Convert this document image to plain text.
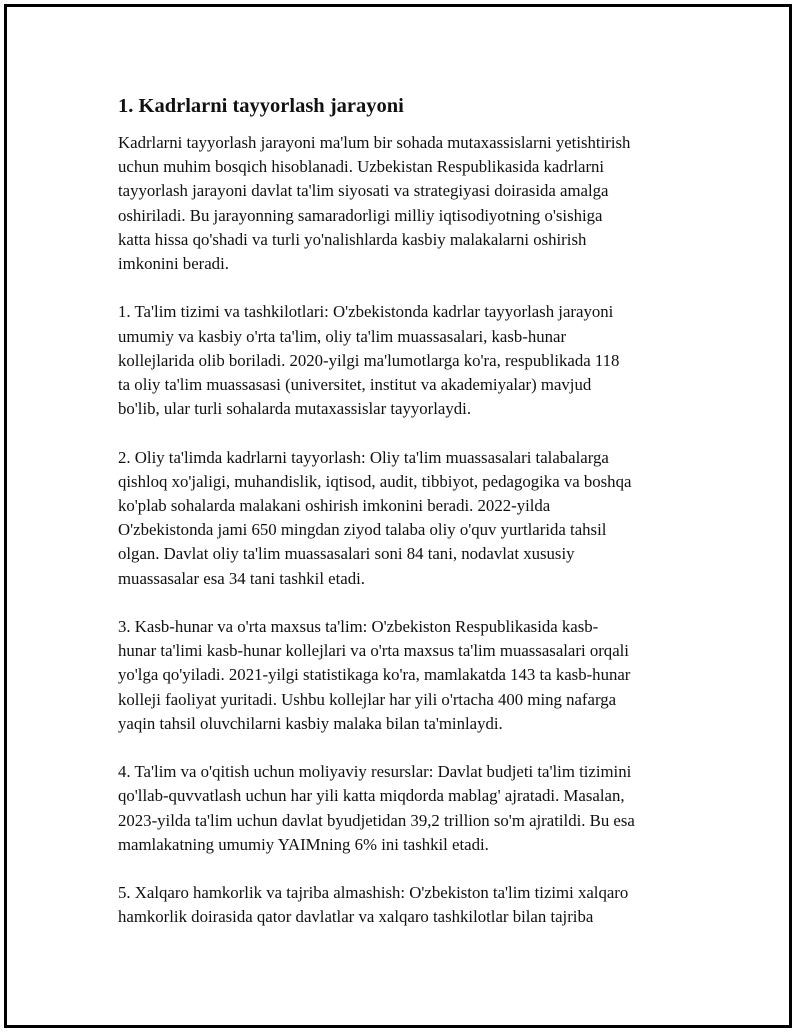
1. Kadrlarni tayyorlash jarayoni
Kadrlarni tayyorlash jarayoni ma'lum bir sohada mutaxassislarni yetishtirish
uchun muhim bosqich hisoblanadi. Uzbekistan Respublikasida kadrlarni
tayyorlash jarayoni davlat ta'lim siyosati va strategiyasi doirasida amalga
oshiriladi. Bu jarayonning samaradorligi milliy iqtisodiyotning o'sishiga
katta hissa qo'shadi va turli yo'nalishlarda kasbiy malakalarni oshirish
imkonini beradi.
1. Ta'lim tizimi va tashkilotlari: O'zbekistonda kadrlar tayyorlash jarayoni
umumiy va kasbiy o'rta ta'lim, oliy ta'lim muassasalari, kasb-hunar
kollejlarida olib boriladi. 2020-yilgi ma'lumotlarga ko'ra, respublikada 118
ta oliy ta'lim muassasasi (universitet, institut va akademiyalar) mavjud
bo'lib, ular turli sohalarda mutaxassislar tayyorlaydi.
2. Oliy ta'limda kadrlarni tayyorlash: Oliy ta'lim muassasalari talabalarga
qishloq xo'jaligi, muhandislik, iqtisod, audit, tibbiyot, pedagogika va boshqa
ko'plab sohalarda malakani oshirish imkonini beradi. 2022-yilda
O'zbekistonda jami 650 mingdan ziyod talaba oliy o'quv yurtlarida tahsil
olgan. Davlat oliy ta'lim muassasalari soni 84 tani, nodavlat xususiy
muassasalar esa 34 tani tashkil etadi.
3. Kasb-hunar va o'rta maxsus ta'lim: O'zbekiston Respublikasida kasb-
hunar ta'limi kasb-hunar kollejlari va o'rta maxsus ta'lim muassasalari orqali
yo'lga qo'yiladi. 2021-yilgi statistikaga ko'ra, mamlakatda 143 ta kasb-hunar
kolleji faoliyat yuritadi. Ushbu kollejlar har yili o'rtacha 400 ming nafarga
yaqin tahsil oluvchilarni kasbiy malaka bilan ta'minlaydi.
4. Ta'lim va o'qitish uchun moliyaviy resurslar: Davlat budjeti ta'lim tizimini
qo'llab-quvvatlash uchun har yili katta miqdorda mablag' ajratadi. Masalan,
2023-yilda ta'lim uchun davlat byudjetidan 39,2 trillion so'm ajratildi. Bu esa
mamlakatning umumiy YAIMning 6% ini tashkil etadi.
5. Xalqaro hamkorlik va tajriba almashish: O'zbekiston ta'lim tizimi xalqaro
hamkorlik doirasida qator davlatlar va xalqaro tashkilotlar bilan tajriba
